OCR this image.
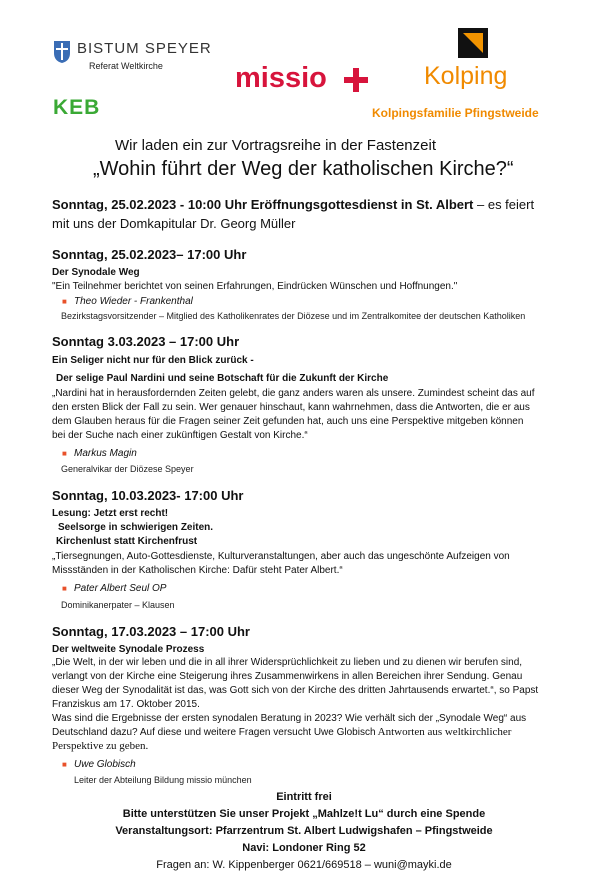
BISTUM SPEYER
Referat Weltkirche missio	Kolping
KEB	Kolpingsfamilie Pfingstweide
Wir laden ein zur Vortragsreihe in der Fastenzeit
„Wohin führt der Weg der katholischen Kirche?“
Sonntag, 25.02.2023 - 10:00 Uhr Eröffnungsgottesdienst in St. Albert – es feiert
mit uns der Domkapitular Dr. Georg Müller
Sonntag, 25.02.2023– 17:00 Uhr
Der Synodale Weg
"Ein Teilnehmer berichtet von seinen Erfahrungen, Eindrücken Wünschen und Hoffnungen."
■ Theo Wieder - Frankenthal
Bezirkstagsvorsitzender – Mitglied des Katholikenrates der Diözese und im Zentralkomitee der deutschen Katholiken
Sonntag 3.03.2023 – 17:00 Uhr
Ein Seliger nicht nur für den Blick zurück -
Der selige Paul Nardini und seine Botschaft für die Zukunft der Kirche
„Nardini hat in herausfordernden Zeiten gelebt, die ganz anders waren als unsere. Zumindest scheint das auf
den ersten Blick der Fall zu sein. Wer genauer hinschaut, kann wahrnehmen, dass die Antworten, die er aus
dem Glauben heraus für die Fragen seiner Zeit gefunden hat, auch uns eine Perspektive mitgeben können
bei der Suche nach einer zukünftigen Gestalt von Kirche.“
■ Markus Magin
Generalvikar der Diözese Speyer
Sonntag, 10.03.2023- 17:00 Uhr
Lesung: Jetzt erst recht!
Seelsorge in schwierigen Zeiten.
Kirchenlust statt Kirchenfrust
„Tiersegnungen, Auto-Gottesdienste, Kulturveranstaltungen, aber auch das ungeschönte Aufzeigen von
Missständen in der Katholischen Kirche: Dafür steht Pater Albert.“
■ Pater Albert Seul OP
Dominikanerpater – Klausen
Sonntag, 17.03.2023 – 17:00 Uhr
Der weltweite Synodale Prozess
„Die Welt, in der wir leben und die in all ihrer Widersprüchlichkeit zu lieben und zu dienen wir berufen sind,
verlangt von der Kirche eine Steigerung ihres Zusammenwirkens in allen Bereichen ihrer Sendung. Genau
dieser Weg der Synodalität ist das, was Gott sich von der Kirche des dritten Jahrtausends erwartet.“, so Papst
Franziskus am 17. Oktober 2015.
Was sind die Ergebnisse der ersten synodalen Beratung in 2023? Wie verhält sich der „Synodale Weg“ aus
Deutschland dazu? Auf diese und weitere Fragen versucht Uwe Globisch Antworten aus weltkirchlicher
Perspektive zu geben.
■ Uwe Globisch
Leiter der Abteilung Bildung missio münchen
Eintritt frei
Bitte unterstützen Sie unser Projekt „Mahlze!t Lu“ durch eine Spende
Veranstaltungsort: Pfarrzentrum St. Albert Ludwigshafen – Pfingstweide
Navi: Londoner Ring 52
Fragen an: W. Kippenberger 0621/669518 – wuni@mayki.de
